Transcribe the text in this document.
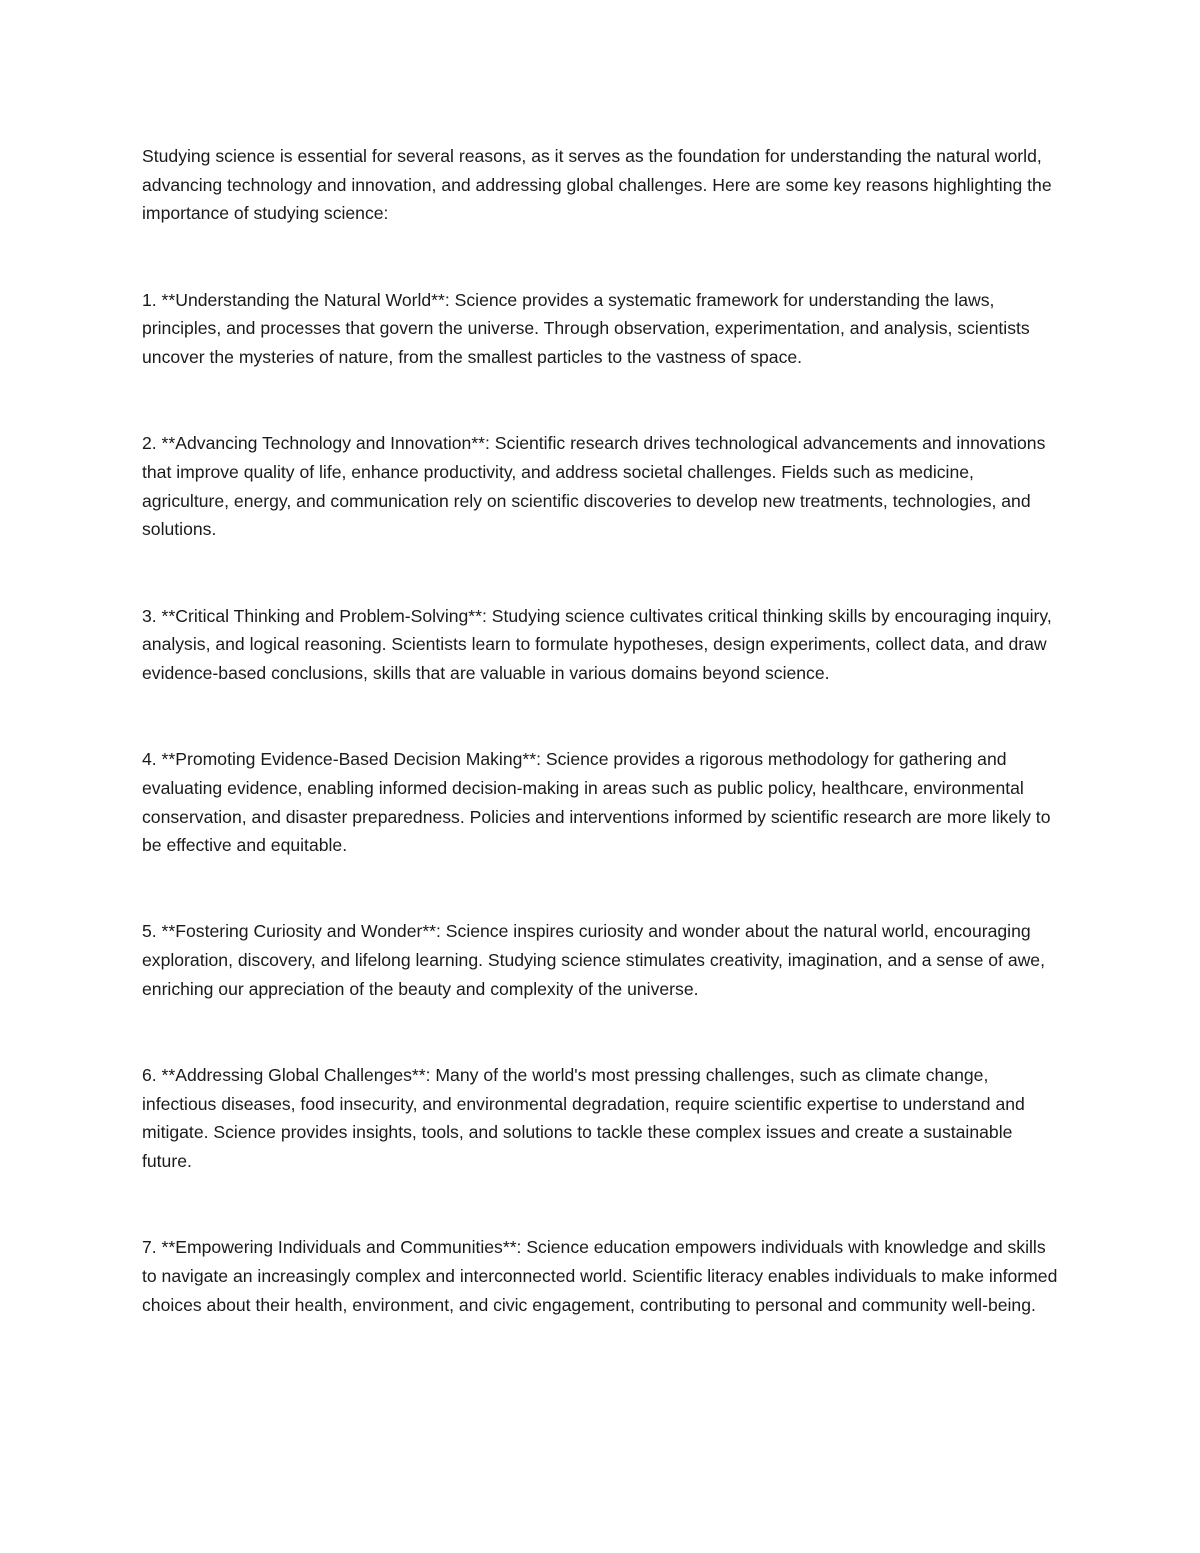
Studying science is essential for several reasons, as it serves as the foundation for understanding the natural world, advancing technology and innovation, and addressing global challenges. Here are some key reasons highlighting the importance of studying science:

1. **Understanding the Natural World**: Science provides a systematic framework for understanding the laws, principles, and processes that govern the universe. Through observation, experimentation, and analysis, scientists uncover the mysteries of nature, from the smallest particles to the vastness of space.

2. **Advancing Technology and Innovation**: Scientific research drives technological advancements and innovations that improve quality of life, enhance productivity, and address societal challenges. Fields such as medicine, agriculture, energy, and communication rely on scientific discoveries to develop new treatments, technologies, and solutions.

3. **Critical Thinking and Problem-Solving**: Studying science cultivates critical thinking skills by encouraging inquiry, analysis, and logical reasoning. Scientists learn to formulate hypotheses, design experiments, collect data, and draw evidence-based conclusions, skills that are valuable in various domains beyond science.

4. **Promoting Evidence-Based Decision Making**: Science provides a rigorous methodology for gathering and evaluating evidence, enabling informed decision-making in areas such as public policy, healthcare, environmental conservation, and disaster preparedness. Policies and interventions informed by scientific research are more likely to be effective and equitable.

5. **Fostering Curiosity and Wonder**: Science inspires curiosity and wonder about the natural world, encouraging exploration, discovery, and lifelong learning. Studying science stimulates creativity, imagination, and a sense of awe, enriching our appreciation of the beauty and complexity of the universe.

6. **Addressing Global Challenges**: Many of the world's most pressing challenges, such as climate change, infectious diseases, food insecurity, and environmental degradation, require scientific expertise to understand and mitigate. Science provides insights, tools, and solutions to tackle these complex issues and create a sustainable future.

7. **Empowering Individuals and Communities**: Science education empowers individuals with knowledge and skills to navigate an increasingly complex and interconnected world. Scientific literacy enables individuals to make informed choices about their health, environment, and civic engagement, contributing to personal and community well-being.
